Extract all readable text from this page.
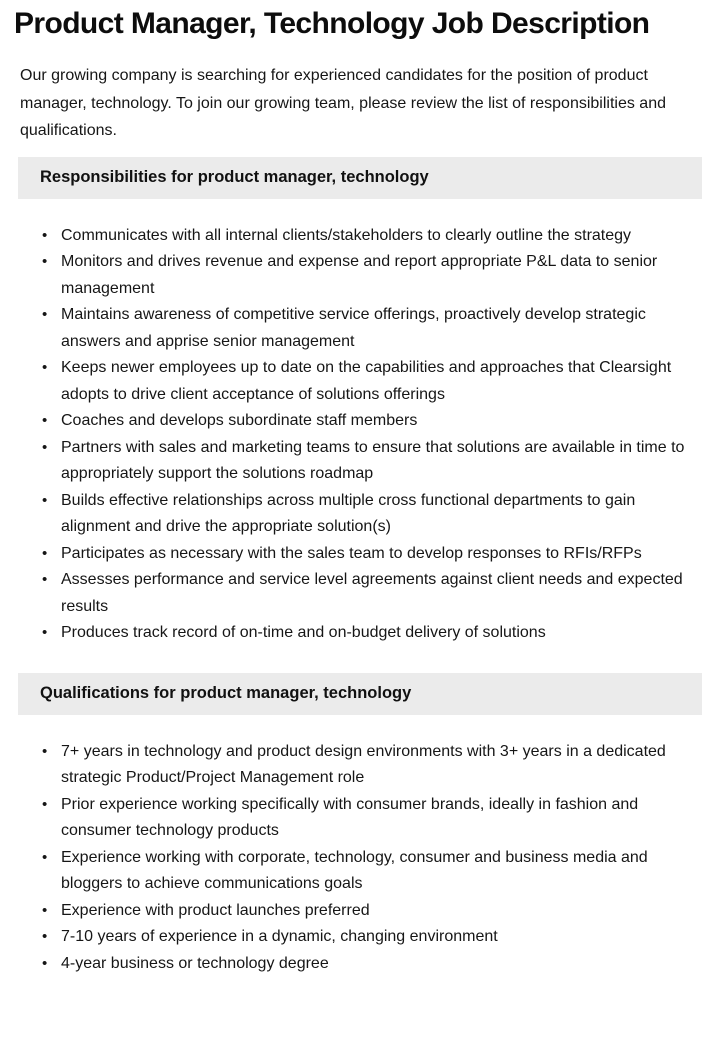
Product Manager, Technology Job Description

Our growing company is searching for experienced candidates for the position of product manager, technology. To join our growing team, please review the list of responsibilities and qualifications.

Responsibilities for product manager, technology
• Communicates with all internal clients/stakeholders to clearly outline the strategy
• Monitors and drives revenue and expense and report appropriate P&L data to senior management
• Maintains awareness of competitive service offerings, proactively develop strategic answers and apprise senior management
• Keeps newer employees up to date on the capabilities and approaches that Clearsight adopts to drive client acceptance of solutions offerings
• Coaches and develops subordinate staff members
• Partners with sales and marketing teams to ensure that solutions are available in time to appropriately support the solutions roadmap
• Builds effective relationships across multiple cross functional departments to gain alignment and drive the appropriate solution(s)
• Participates as necessary with the sales team to develop responses to RFIs/RFPs
• Assesses performance and service level agreements against client needs and expected results
• Produces track record of on-time and on-budget delivery of solutions
Qualifications for product manager, technology
• 7+ years in technology and product design environments with 3+ years in a dedicated strategic Product/Project Management role
• Prior experience working specifically with consumer brands, ideally in fashion and consumer technology products
• Experience working with corporate, technology, consumer and business media and bloggers to achieve communications goals
• Experience with product launches preferred
• 7-10 years of experience in a dynamic, changing environment
• 4-year business or technology degree
